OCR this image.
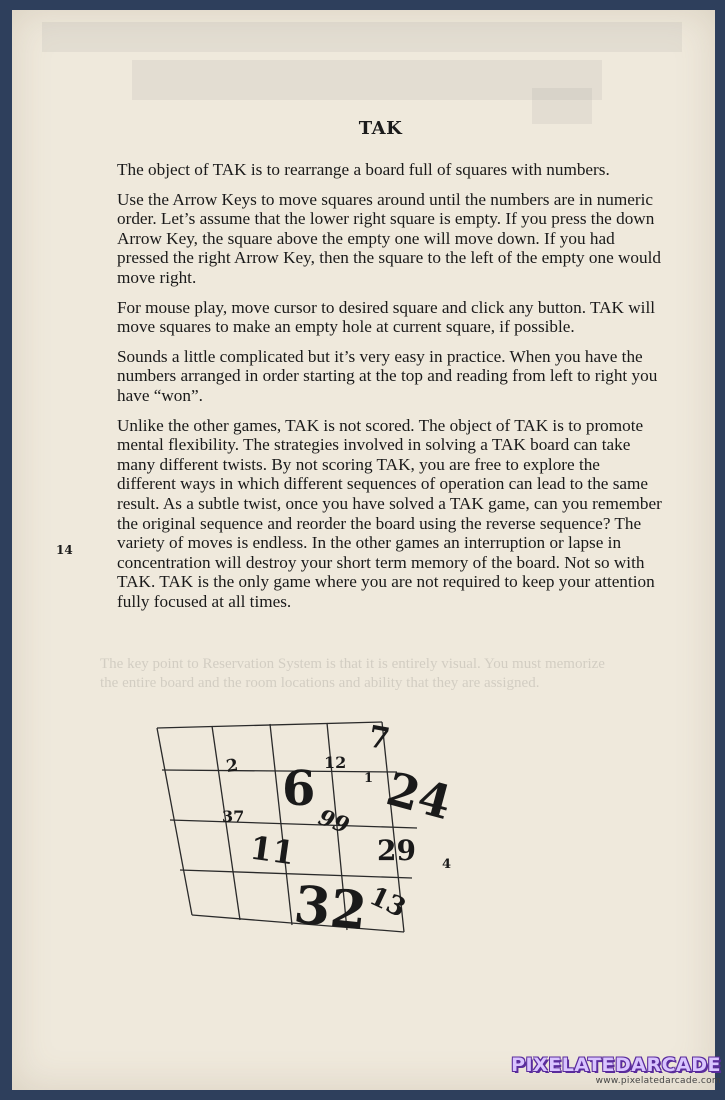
The key point to Reservation System is that it is entirely visual. You must memorize the entire board and the room locations and ability that they are assigned.
TAK

The object of TAK is to rearrange a board full of squares with numbers.

Use the Arrow Keys to move squares around until the numbers are in numeric order. Let’s assume that the lower right square is empty. If you press the down Arrow Key, the square above the empty one will move down. If you had pressed the right Arrow Key, then the square to the left of the empty one would move right.

For mouse play, move cursor to desired square and click any button. TAK will move squares to make an empty hole at current square, if possible.

Sounds a little complicated but it’s very easy in practice. When you have the numbers arranged in order starting at the top and reading from left to right you have “won”.

Unlike the other games, TAK is not scored. The object of TAK is to promote mental flexibility. The strategies involved in solving a TAK board can take many different twists. By not scoring TAK, you are free to explore the different ways in which different sequences of operation can lead to the same result. As a subtle twist, once you have solved a TAK game, can you remember the original sequence and reorder the board using the reverse sequence? The variety of moves is endless. In the other games an interruption or lapse in concentration will destroy your short term memory of the board. Not so with TAK. TAK is the only game where you are not required to keep your attention fully focused at all times.

14
7
2	12
6	1 24
37	99
11	29 4
32
13
PIXELATEDARCADE
www.pixelatedarcade.com
